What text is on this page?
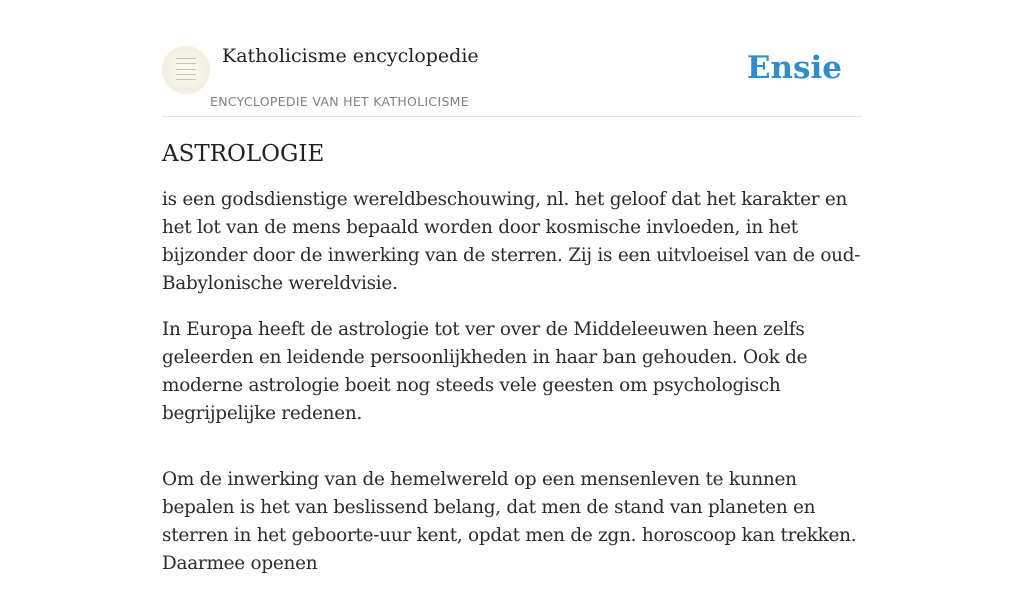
Katholicisme encyclopedie
ENCYCLOPEDIE VAN HET KATHOLICISME
Ensie
ASTROLOGIE

is een godsdienstige wereldbeschouwing, nl. het geloof dat het karakter en het lot van de mens bepaald worden door kosmische invloeden, in het bijzonder door de inwerking van de sterren. Zij is een uitvloeisel van de oud-Babylonische wereldvisie.

In Europa heeft de astrologie tot ver over de Middeleeuwen heen zelfs geleerden en leidende persoonlijkheden in haar ban gehouden. Ook de moderne astrologie boeit nog steeds vele geesten om psychologisch begrijpelijke redenen.

Om de inwerking van de hemelwereld op een mensenleven te kunnen bepalen is het van beslissend belang, dat men de stand van planeten en sterren in het geboorte-uur kent, opdat men de zgn. horoscoop kan trekken. Daarmee openen
